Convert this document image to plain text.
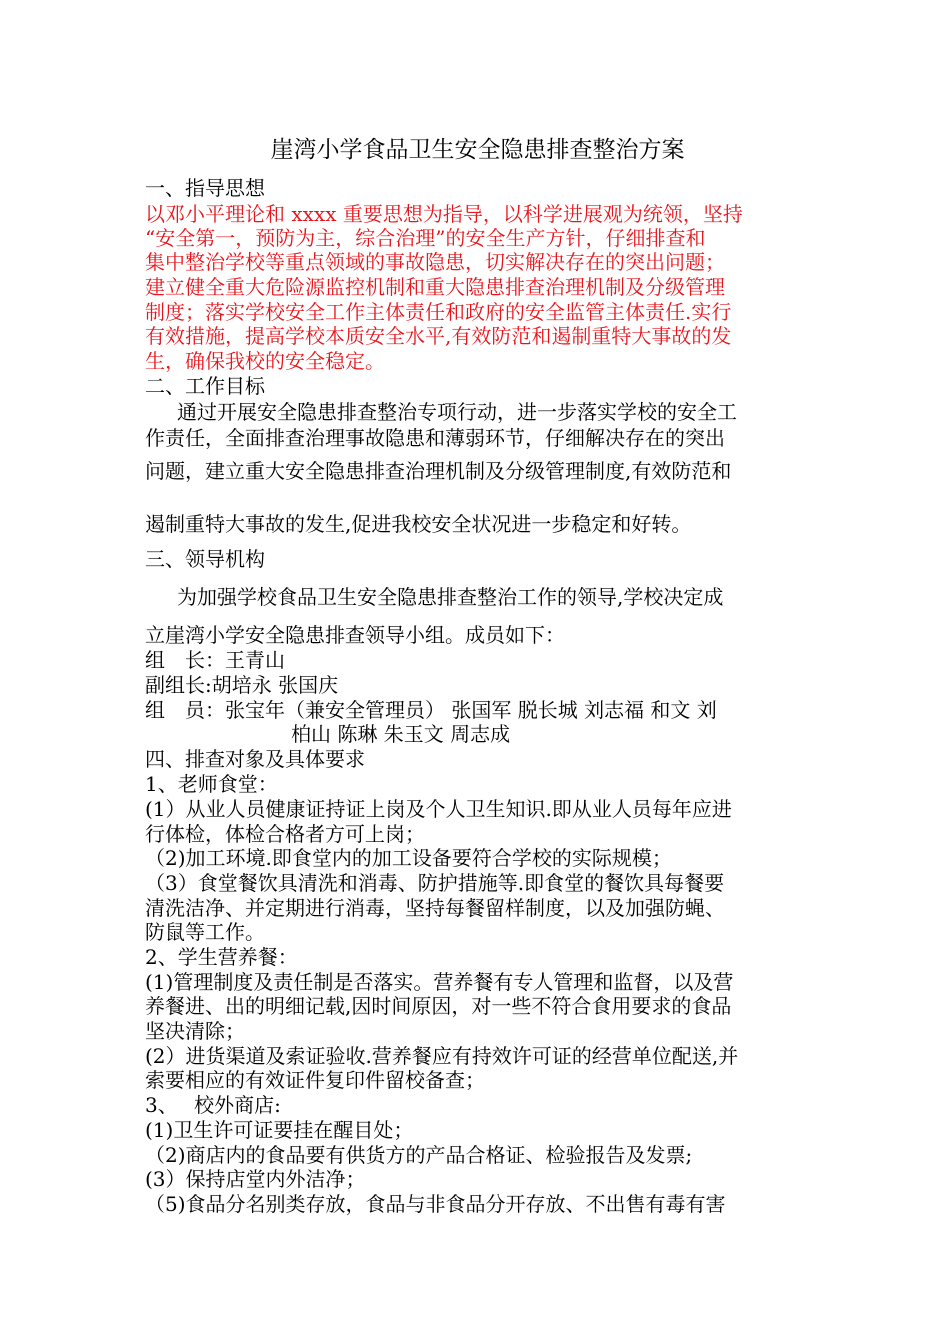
崖湾小学食品卫生安全隐患排查整治方案
一、指导思想
以邓小平理论和 xxxx 重要思想为指导，以科学进展观为统领，坚持
“安全第一，预防为主，综合治理”的安全生产方针，仔细排查和
集中整治学校等重点领域的事故隐患，切实解决存在的突出问题；
建立健全重大危险源监控机制和重大隐患排查治理机制及分级管理
制度；落实学校安全工作主体责任和政府的安全监管主体责任.实行
有效措施，提高学校本质安全水平,有效防范和遏制重特大事故的发
生，确保我校的安全稳定。
二、工作目标
通过开展安全隐患排查整治专项行动，进一步落实学校的安全工
作责任，全面排查治理事故隐患和薄弱环节，仔细解决存在的突出
问题，建立重大安全隐患排查治理机制及分级管理制度,有效防范和
遏制重特大事故的发生,促进我校安全状况进一步稳定和好转。
三、领导机构
为加强学校食品卫生安全隐患排查整治工作的领导,学校决定成
立崖湾小学安全隐患排查领导小组。成员如下：
组　长：王青山
副组长:胡培永 张国庆
组　员：张宝年（兼安全管理员） 张国军 脱长城 刘志福 和文 刘
柏山 陈琳 朱玉文 周志成
四、排查对象及具体要求
1、老师食堂：
(1）从业人员健康证持证上岗及个人卫生知识.即从业人员每年应进
行体检，体检合格者方可上岗；
（2)加工环境.即食堂内的加工设备要符合学校的实际规模；
（3）食堂餐饮具清洗和消毒、防护措施等.即食堂的餐饮具每餐要
清洗洁净、并定期进行消毒，坚持每餐留样制度，以及加强防蝇、
防鼠等工作。
2、学生营养餐：
(1)管理制度及责任制是否落实。营养餐有专人管理和监督，以及营
养餐进、出的明细记载,因时间原因，对一些不符合食用要求的食品
坚决清除；
(2）进货渠道及索证验收.营养餐应有持效许可证的经营单位配送,并
索要相应的有效证件复印件留校备查；
3、　 校外商店:
(1)卫生许可证要挂在醒目处；
（2)商店内的食品要有供货方的产品合格证、检验报告及发票;
(3）保持店堂内外洁净；
（5)食品分名别类存放，食品与非食品分开存放、不出售有毒有害
